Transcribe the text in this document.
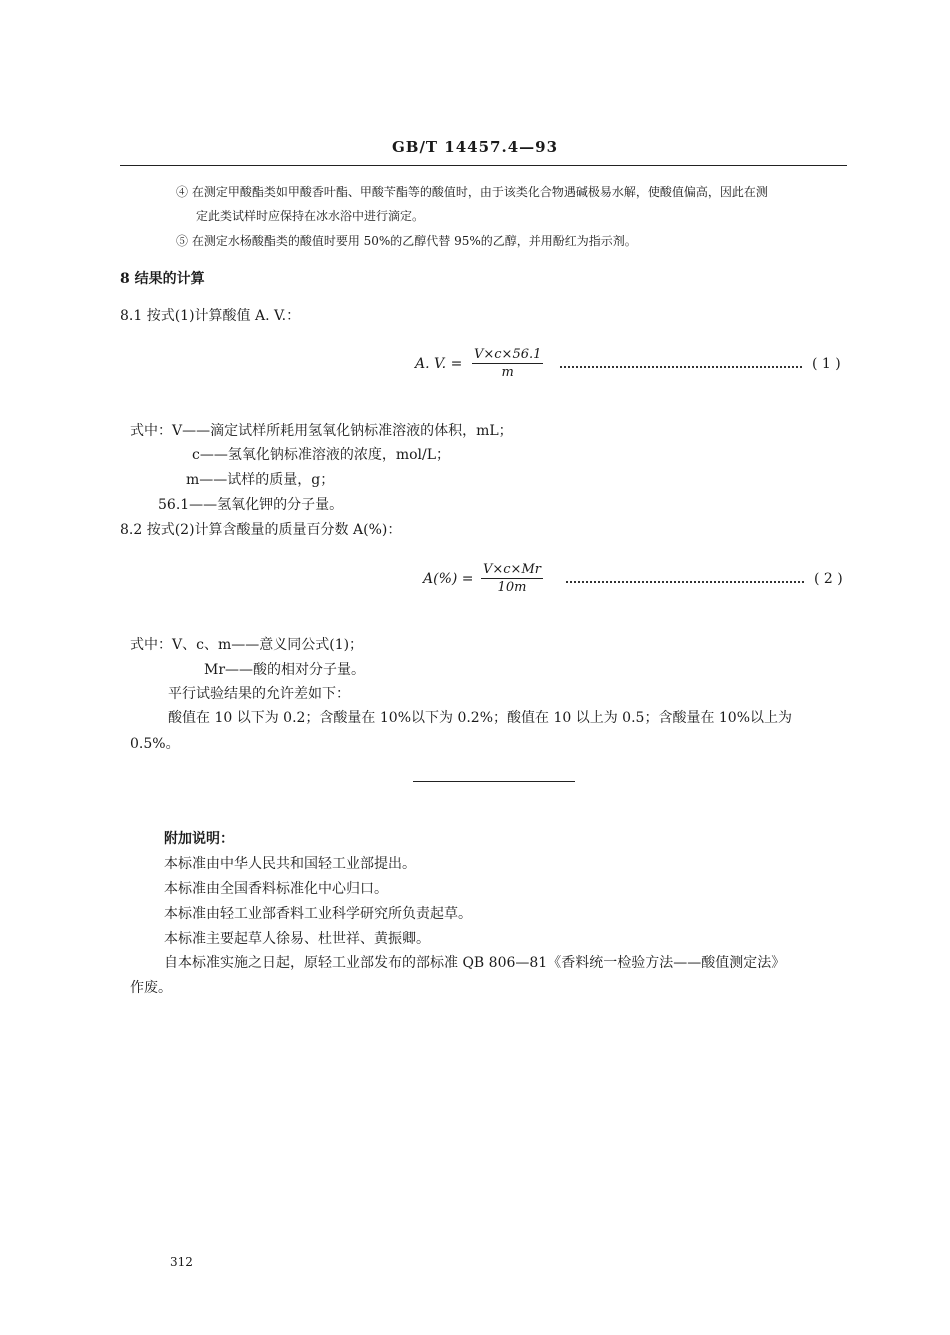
GB/T 14457.4—93
④ 在测定甲酸酯类如甲酸香叶酯、甲酸苄酯等的酸值时，由于该类化合物遇碱极易水解，使酸值偏高，因此在测
定此类试样时应保持在冰水浴中进行滴定。
⑤ 在测定水杨酸酯类的酸值时要用 50%的乙醇代替 95%的乙醇，并用酚红为指示剂。
8 结果的计算
8.1 按式(1)计算酸值 A. V.：
A. V. = $\frac{V\times c\times 56.1}{m}$	( 1 )
式中：V——滴定试样所耗用氢氧化钠标准溶液的体积，mL；
c——氢氧化钠标准溶液的浓度，mol/L；
m——试样的质量，g；
56.1——氢氧化钾的分子量。
8.2 按式(2)计算含酸量的质量百分数 A(%)：
$A(\%) = \frac{V\times c\times Mr}{10m}$	( 2 )
式中：V、c、m——意义同公式(1)；
Mr——酸的相对分子量。
平行试验结果的允许差如下：
酸值在 10 以下为 0.2；含酸量在 10%以下为 0.2%；酸值在 10 以上为 0.5；含酸量在 10%以上为
0.5%。
附加说明：
本标准由中华人民共和国轻工业部提出。
本标准由全国香料标准化中心归口。
本标准由轻工业部香料工业科学研究所负责起草。
本标准主要起草人徐易、杜世祥、黄振卿。
自本标准实施之日起，原轻工业部发布的部标准 QB 806—81《香料统一检验方法——酸值测定法》
作废。
312
